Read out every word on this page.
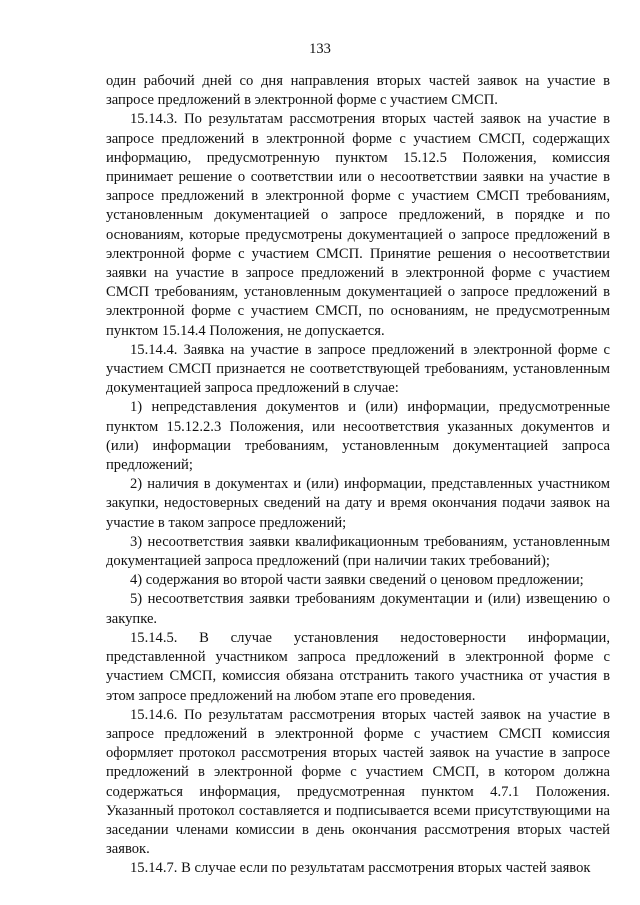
133

один рабочий дней со дня направления вторых частей заявок на участие в запросе предложений в электронной форме с участием СМСП.

15.14.3. По результатам рассмотрения вторых частей заявок на участие в запросе предложений в электронной форме с участием СМСП, содержащих информацию, предусмотренную пунктом 15.12.5 Положения, комиссия принимает решение о соответствии или о несоответствии заявки на участие в запросе предложений в электронной форме с участием СМСП требованиям, установленным документацией о запросе предложений, в порядке и по основаниям, которые предусмотрены документацией о запросе предложений в электронной форме с участием СМСП. Принятие решения о несоответствии заявки на участие в запросе предложений в электронной форме с участием СМСП требованиям, установленным документацией о запросе предложений в электронной форме с участием СМСП, по основаниям, не предусмотренным пунктом 15.14.4 Положения, не допускается.

15.14.4. Заявка на участие в запросе предложений в электронной форме с участием СМСП признается не соответствующей требованиям, установленным документацией запроса предложений в случае:

1) непредставления документов и (или) информации, предусмотренные пунктом 15.12.2.3 Положения, или несоответствия указанных документов и (или) информации требованиям, установленным документацией запроса предложений;

2) наличия в документах и (или) информации, представленных участником закупки, недостоверных сведений на дату и время окончания подачи заявок на участие в таком запросе предложений;

3) несоответствия заявки квалификационным требованиям, установленным документацией запроса предложений (при наличии таких требований);

4) содержания во второй части заявки сведений о ценовом предложении;

5) несоответствия заявки требованиям документации и (или) извещению о закупке.

15.14.5. В случае установления недостоверности информации, представленной участником запроса предложений в электронной форме с участием СМСП, комиссия обязана отстранить такого участника от участия в этом запросе предложений на любом этапе его проведения.

15.14.6. По результатам рассмотрения вторых частей заявок на участие в запросе предложений в электронной форме с участием СМСП комиссия оформляет протокол рассмотрения вторых частей заявок на участие в запросе предложений в электронной форме с участием СМСП, в котором должна содержаться информация, предусмотренная пунктом 4.7.1 Положения. Указанный протокол составляется и подписывается всеми присутствующими на заседании членами комиссии в день окончания рассмотрения вторых частей заявок.

15.14.7. В случае если по результатам рассмотрения вторых частей заявок
